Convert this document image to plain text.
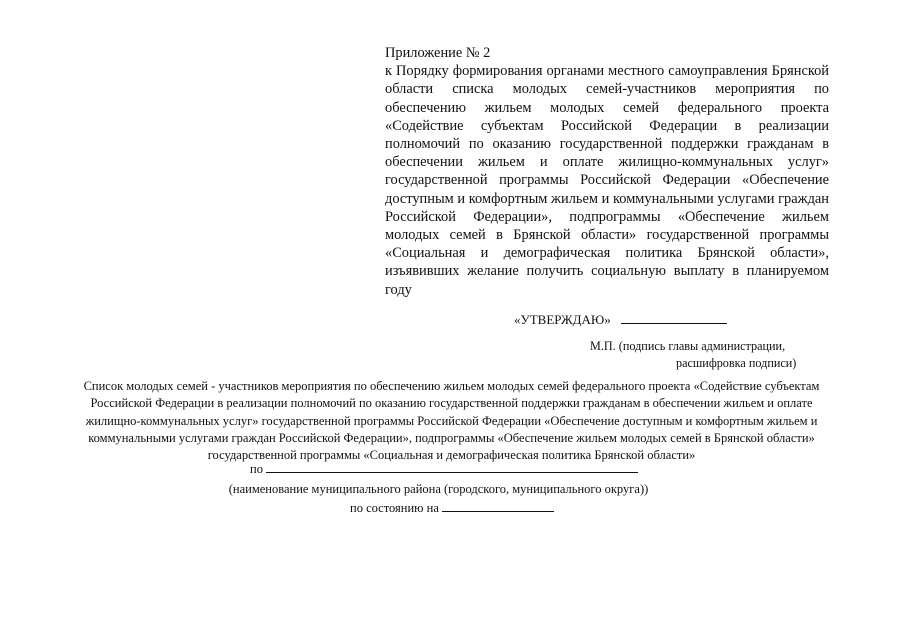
Приложение № 2
к Порядку формирования органами местного самоуправления Брянской области списка молодых семей-участников мероприятия по обеспечению жильем молодых семей федерального проекта «Содействие субъектам Российской Федерации в реализации полномочий по оказанию государственной поддержки гражданам в обеспечении жильем и оплате жилищно-коммунальных услуг» государственной программы Российской Федерации «Обеспечение доступным и комфортным жильем и коммунальными услугами граждан Российской Федерации», подпрограммы «Обеспечение жильем молодых семей в Брянской области» государственной программы «Социальная и демографическая политика Брянской области», изъявивших желание получить социальную выплату в планируемом году
«УТВЕРЖДАЮ»
М.П. (подпись главы администрации,
расшифровка подписи)
Список молодых семей - участников мероприятия по обеспечению жильем молодых семей федерального проекта «Содействие субъектам
Российской Федерации в реализации полномочий по оказанию государственной поддержки гражданам в обеспечении жильем и оплате
жилищно-коммунальных услуг» государственной программы Российской Федерации «Обеспечение доступным и комфортным жильем и
коммунальными услугами граждан Российской Федерации», подпрограммы «Обеспечение жильем молодых семей в Брянской области»
государственной программы «Социальная и демографическая политика Брянской области»
по
(наименование муниципального района (городского, муниципального округа))
по состоянию на
